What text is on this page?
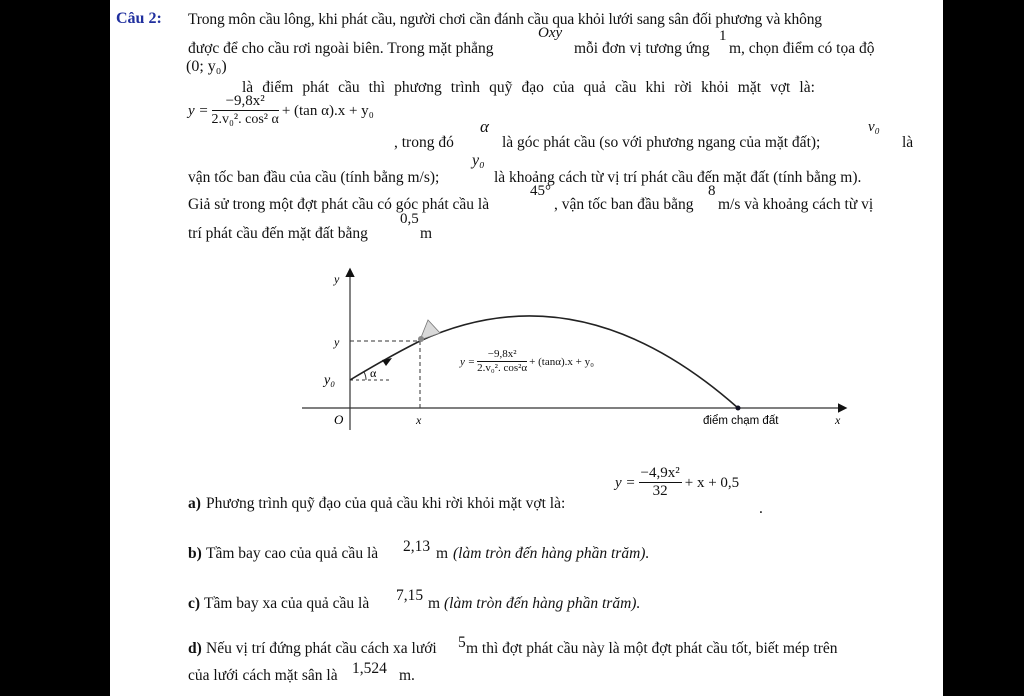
Câu 2: Trong môn cầu lông, khi phát cầu, người chơi cần đánh cầu qua khỏi lưới sang sân đối phương và không
được để cho cầu rơi ngoài biên. Trong mặt phẳng
Oxy
mỗi đơn vị tương ứng
1
m, chọn điểm có tọa độ
(0; y₀)
là điểm phát cầu thì phương trình quỹ đạo của quả cầu khi rời khỏi mặt vợt là:
$y = \frac{\text{−9,8x²}}{\text{2.v₀². cos² α}} + (\tan$ α).x + y₀
, trong đó
α
là góc phát cầu (so với phương ngang của mặt đất);
v₀
là
vận tốc ban đầu của cầu (tính bằng m/s);
y₀
là khoảng cách từ vị trí phát cầu đến mặt đất (tính bằng m).
Giả sử trong một đợt phát cầu có góc phát cầu là
45°
, vận tốc ban đầu bằng
8
m/s và khoảng cách từ vị
trí phát cầu đến mặt đất bằng
0,5
m
y
y
y₀
O	x
α
x
điểm chạm đất
$y = \frac{\text{−9,8x²}}{\text{2.v₀². cos²α}} + (\tan\alpha).x + y_0$
a) Phương trình quỹ đạo của quả cầu khi rời khỏi mặt vợt là:
$y = \frac{\text{−4,9x²}}{32} + x + 0,5$
.
b) Tầm bay cao của quả cầu là 2,13 m (làm tròn đến hàng phần trăm).
c) Tầm bay xa của quả cầu là 7,15 m (làm tròn đến hàng phần trăm).
d) Nếu vị trí đứng phát cầu cách xa lưới 5 m thì đợt phát cầu này là một đợt phát cầu tốt, biết mép trên
của lưới cách mặt sân là 1,524 m.
